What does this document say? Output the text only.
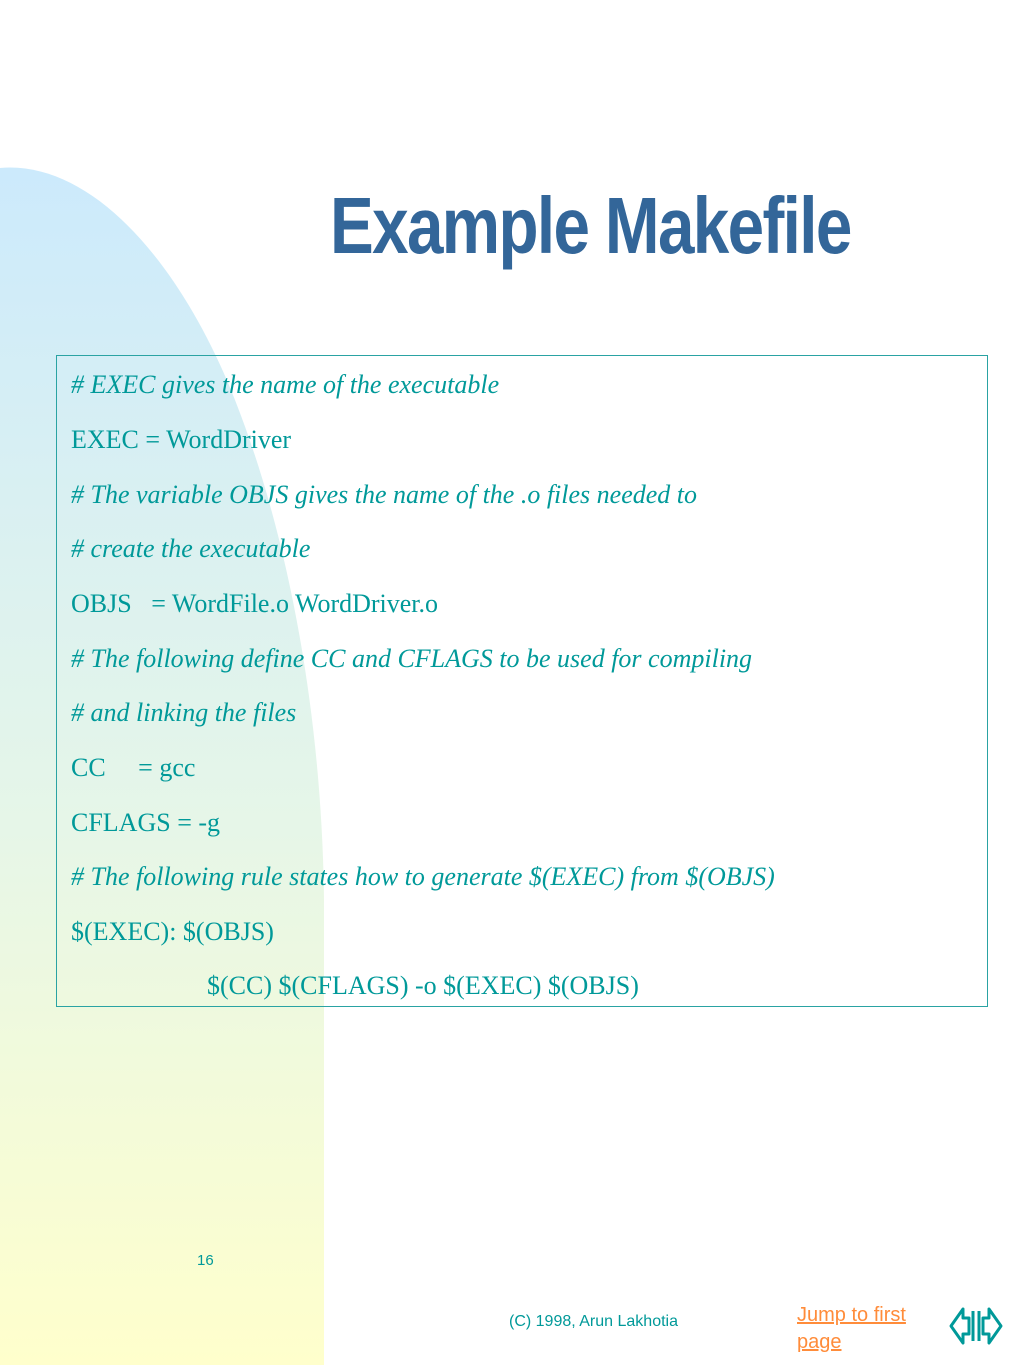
Example Makefile
# EXEC gives the name of the executable
EXEC = WordDriver
# The variable OBJS gives the name of the .o files needed to
# create the executable
OBJS   = WordFile.o WordDriver.o
# The following define CC and CFLAGS to be used for compiling
# and linking the files
CC     = gcc
CFLAGS = -g
# The following rule states how to generate $(EXEC) from $(OBJS)
$(EXEC): $(OBJS)
$(CC) $(CFLAGS) -o $(EXEC) $(OBJS)
16
(C) 1998, Arun Lakhotia	Jump to first page
